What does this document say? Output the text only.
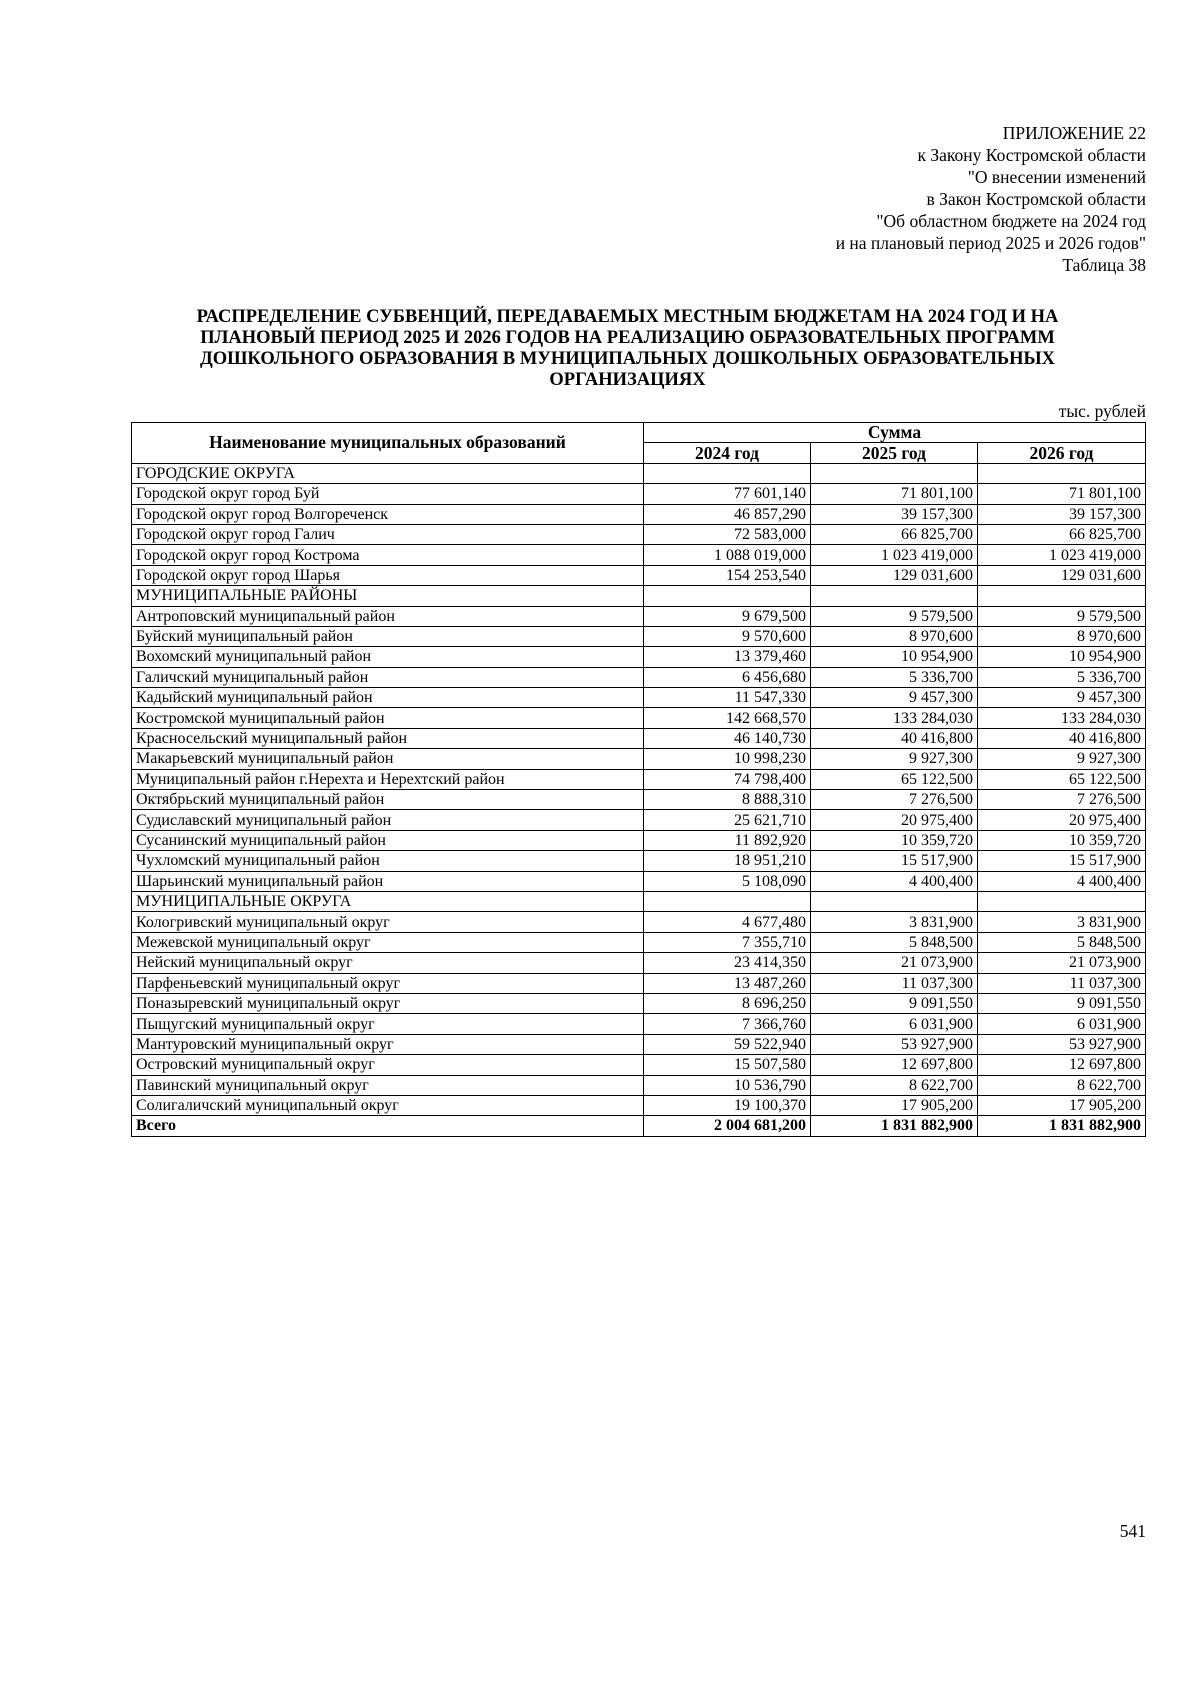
ПРИЛОЖЕНИЕ 22
к Закону Костромской области
"О внесении изменений
в Закон Костромской области
"Об областном бюджете на 2024 год
и на плановый период 2025 и 2026 годов"
Таблица 38
РАСПРЕДЕЛЕНИЕ СУБВЕНЦИЙ, ПЕРЕДАВАЕМЫХ МЕСТНЫМ БЮДЖЕТАМ НА 2024 ГОД И НА
ПЛАНОВЫЙ ПЕРИОД 2025 И 2026 ГОДОВ НА РЕАЛИЗАЦИЮ ОБРАЗОВАТЕЛЬНЫХ ПРОГРАММ
ДОШКОЛЬНОГО ОБРАЗОВАНИЯ В МУНИЦИПАЛЬНЫХ ДОШКОЛЬНЫХ ОБРАЗОВАТЕЛЬНЫХ
ОРГАНИЗАЦИЯХ
тыс. рублей
Наименование муниципальных образований	Сумма		
	2024 год	2025 год	2026 год
ГОРОДСКИЕ ОКРУГА			
Городской округ город Буй	77 601,140	71 801,100	71 801,100
Городской округ город Волгореченск	46 857,290	39 157,300	39 157,300
Городской округ город Галич	72 583,000	66 825,700	66 825,700
Городской округ город Кострома	1 088 019,000	1 023 419,000	1 023 419,000
Городской округ город Шарья	154 253,540	129 031,600	129 031,600
МУНИЦИПАЛЬНЫЕ РАЙОНЫ			
Антроповский муниципальный район	9 679,500	9 579,500	9 579,500
Буйский муниципальный район	9 570,600	8 970,600	8 970,600
Вохомский муниципальный район	13 379,460	10 954,900	10 954,900
Галичский муниципальный район	6 456,680	5 336,700	5 336,700
Кадыйский муниципальный район	11 547,330	9 457,300	9 457,300
Костромской муниципальный район	142 668,570	133 284,030	133 284,030
Красносельский муниципальный район	46 140,730	40 416,800	40 416,800
Макарьевский муниципальный район	10 998,230	9 927,300	9 927,300
Муниципальный район г.Нерехта и Нерехтский район	74 798,400	65 122,500	65 122,500
Октябрьский муниципальный район	8 888,310	7 276,500	7 276,500
Судиславский муниципальный район	25 621,710	20 975,400	20 975,400
Сусанинский муниципальный район	11 892,920	10 359,720	10 359,720
Чухломский муниципальный район	18 951,210	15 517,900	15 517,900
Шарьинский муниципальный район	5 108,090	4 400,400	4 400,400
МУНИЦИПАЛЬНЫЕ ОКРУГА			
Кологривский муниципальный округ	4 677,480	3 831,900	3 831,900
Межевской муниципальный округ	7 355,710	5 848,500	5 848,500
Нейский муниципальный округ	23 414,350	21 073,900	21 073,900
Парфеньевский муниципальный округ	13 487,260	11 037,300	11 037,300
Поназыревский муниципальный округ	8 696,250	9 091,550	9 091,550
Пыщугский муниципальный округ	7 366,760	6 031,900	6 031,900
Мантуровский муниципальный округ	59 522,940	53 927,900	53 927,900
Островский муниципальный округ	15 507,580	12 697,800	12 697,800
Павинский муниципальный округ	10 536,790	8 622,700	8 622,700
Солигаличский муниципальный округ	19 100,370	17 905,200	17 905,200
Всего	2 004 681,200	1 831 882,900	1 831 882,900
541
